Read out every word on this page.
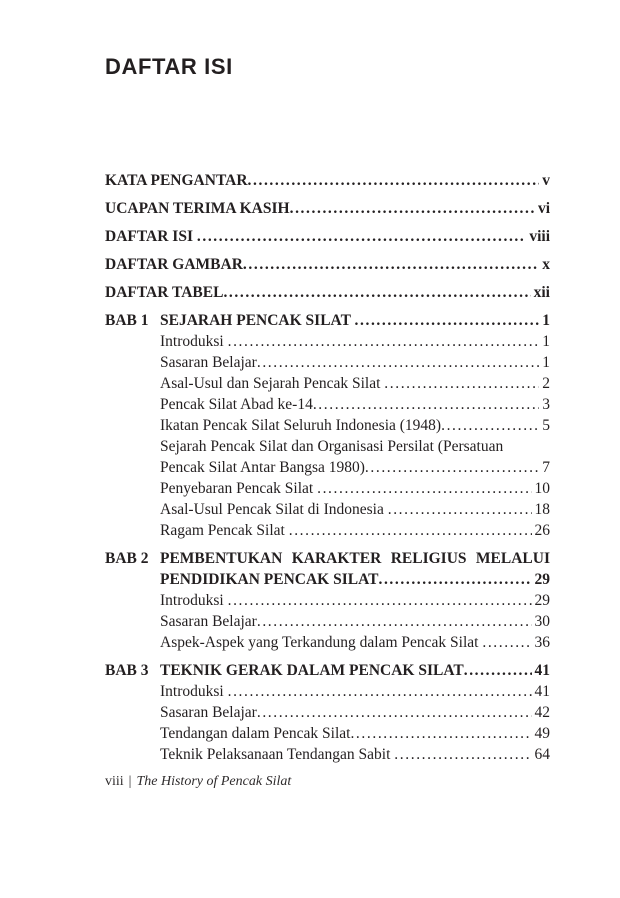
DAFTAR ISI
KATA PENGANTAR .....	v
UCAPAN TERIMA KASIH .....	vi
DAFTAR ISI .....	viii
DAFTAR GAMBAR .....	x
DAFTAR TABEL .....	xii
BAB 1 SEJARAH PENCAK SILAT .....	1
Introduksi .....	1
Sasaran Belajar .....	1
Asal-Usul dan Sejarah Pencak Silat .....	2
Pencak Silat Abad ke-14 .....	3
Ikatan Pencak Silat Seluruh Indonesia (1948) .....	5
Sejarah Pencak Silat dan Organisasi Persilat (Persatuan
Pencak Silat Antar Bangsa 1980) .....	7
Penyebaran Pencak Silat .....	10
Asal-Usul Pencak Silat di Indonesia .....	18
Ragam Pencak Silat .....	26
BAB 2 PEMBENTUKAN KARAKTER RELIGIUS MELALUI
PENDIDIKAN PENCAK SILAT .....	29
Introduksi .....	29
Sasaran Belajar .....	30
Aspek-Aspek yang Terkandung dalam Pencak Silat .....	36
BAB 3 TEKNIK GERAK DALAM PENCAK SILAT .....	41
Introduksi .....	41
Sasaran Belajar .....	42
Tendangan dalam Pencak Silat .....	49
Teknik Pelaksanaan Tendangan Sabit .....	64
viii | The History of Pencak Silat
